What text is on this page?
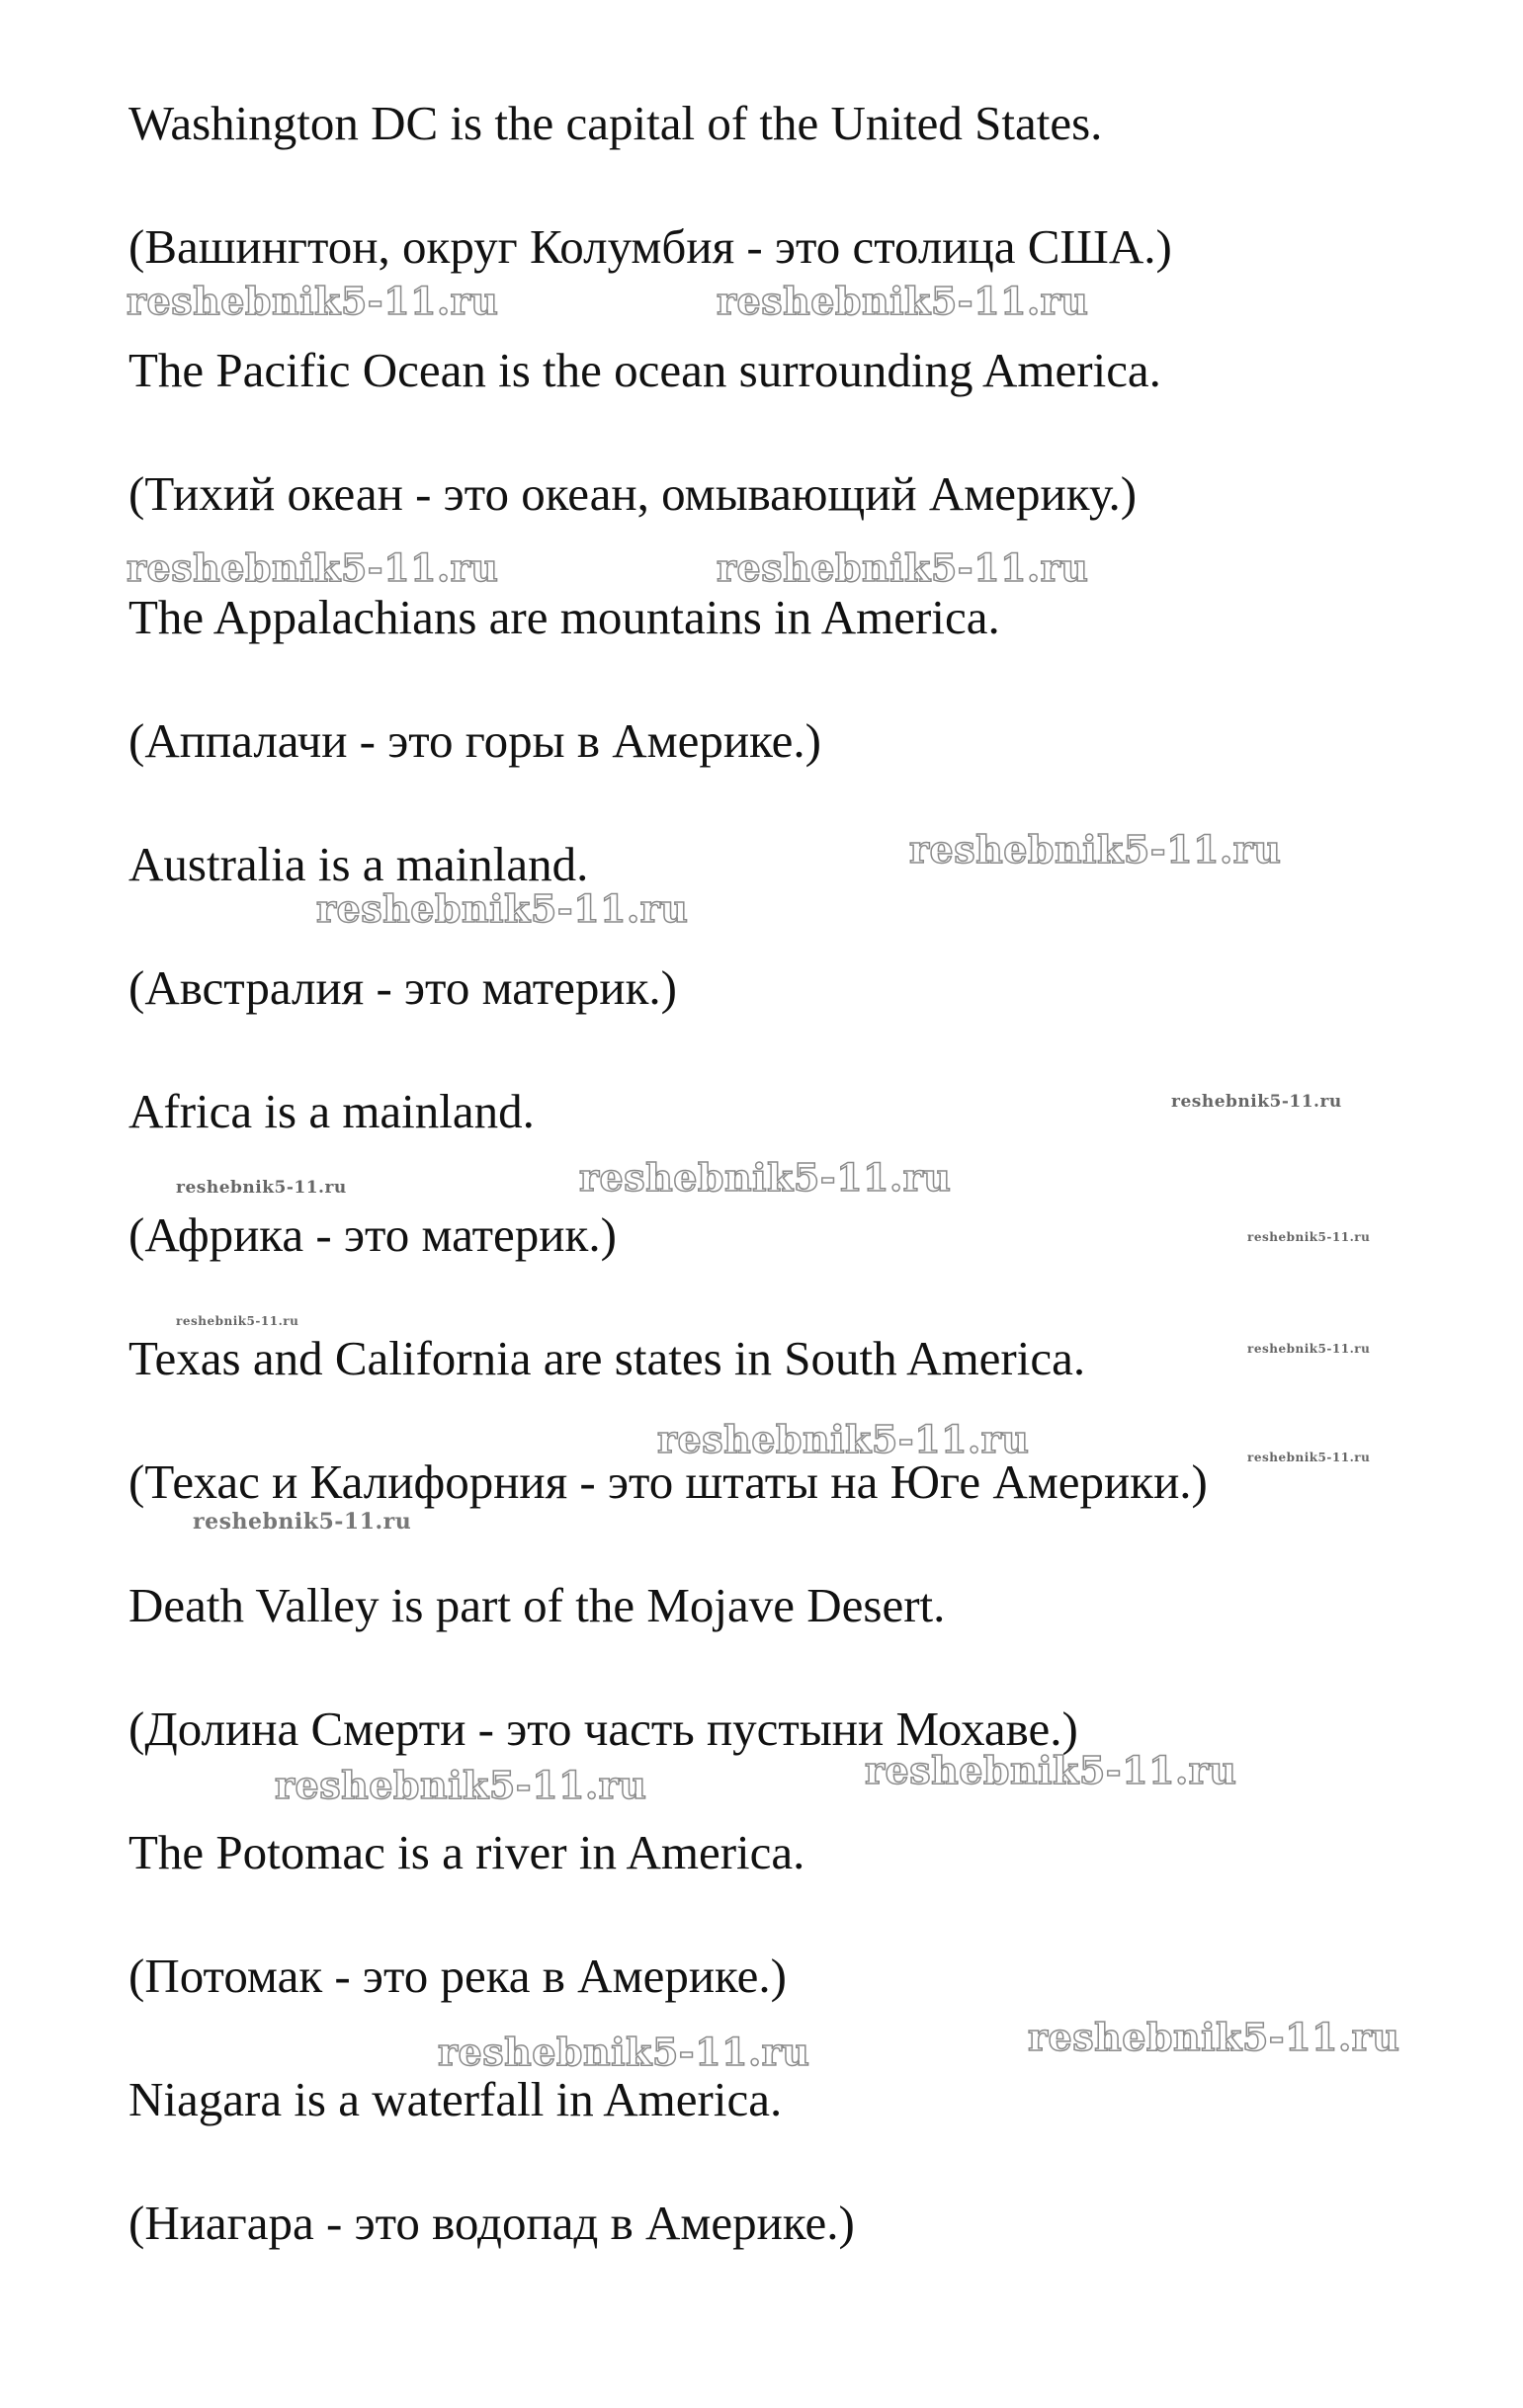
Washington DC is the capital of the United States.

(Вашингтон, округ Колумбия - это столица США.)

The Pacific Ocean is the ocean surrounding America.

(Тихий океан - это океан, омывающий Америку.)

The Appalachians are mountains in America.

(Аппалачи - это горы в Америке.)

Australia is a mainland.

(Австралия - это материк.)

Africa is a mainland.

(Африка - это материк.)

Texas and California are states in South America.

(Техас и Калифорния - это штаты на Юге Америки.)

Death Valley is part of the Mojave Desert.

(Долина Смерти - это часть пустыни Мохаве.)

The Potomac is a river in America.

(Потомак - это река в Америке.)

Niagara is a waterfall in America.

(Ниагара - это водопад в Америке.)

reshebnik5-11.ru	reshebnik5-11.ru
reshebnik5-11.ru	reshebnik5-11.ru
reshebnik5-11.ru
reshebnik5-11.ru
reshebnik5-11.ru
reshebnik5-11.ru	reshebnik5-11.ru
reshebnik5-11.ru
reshebnik5-11.ru
reshebnik5-11.ru
reshebnik5-11.ru	reshebnik5-11.ru
reshebnik5-11.ru
reshebnik5-11.ru	reshebnik5-11.ru
reshebnik5-11.ru	reshebnik5-11.ru
